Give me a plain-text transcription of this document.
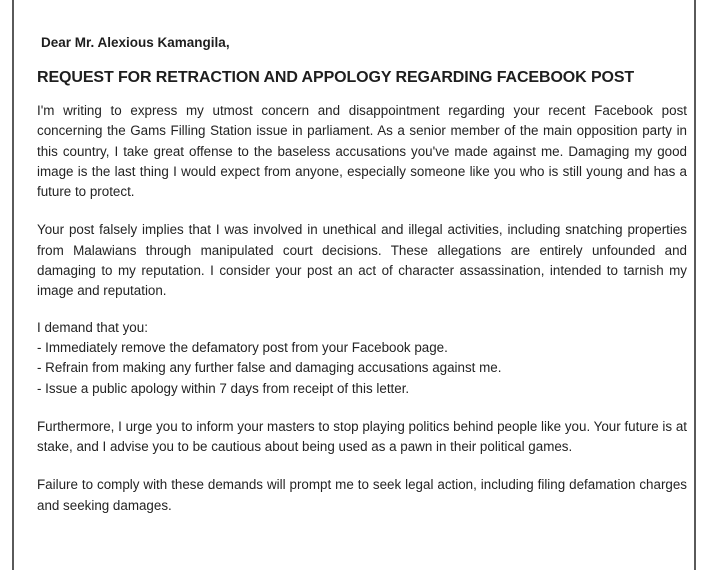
Dear Mr. Alexious Kamangila,
REQUEST FOR RETRACTION AND APPOLOGY REGARDING FACEBOOK POST

I'm writing to express my utmost concern and disappointment regarding your recent Facebook post concerning the Gams Filling Station issue in parliament. As a senior member of the main opposition party in this country, I take great offense to the baseless accusations you've made against me. Damaging my good image is the last thing I would expect from anyone, especially someone like you who is still young and has a future to protect.

Your post falsely implies that I was involved in unethical and illegal activities, including snatching properties from Malawians through manipulated court decisions. These allegations are entirely unfounded and damaging to my reputation. I consider your post an act of character assassination, intended to tarnish my image and reputation.

I demand that you:

- Immediately remove the defamatory post from your Facebook page.
- Refrain from making any further false and damaging accusations against me.
- Issue a public apology within 7 days from receipt of this letter.

Furthermore, I urge you to inform your masters to stop playing politics behind people like you. Your future is at stake, and I advise you to be cautious about being used as a pawn in their political games.

Failure to comply with these demands will prompt me to seek legal action, including filing defamation charges and seeking damages.
